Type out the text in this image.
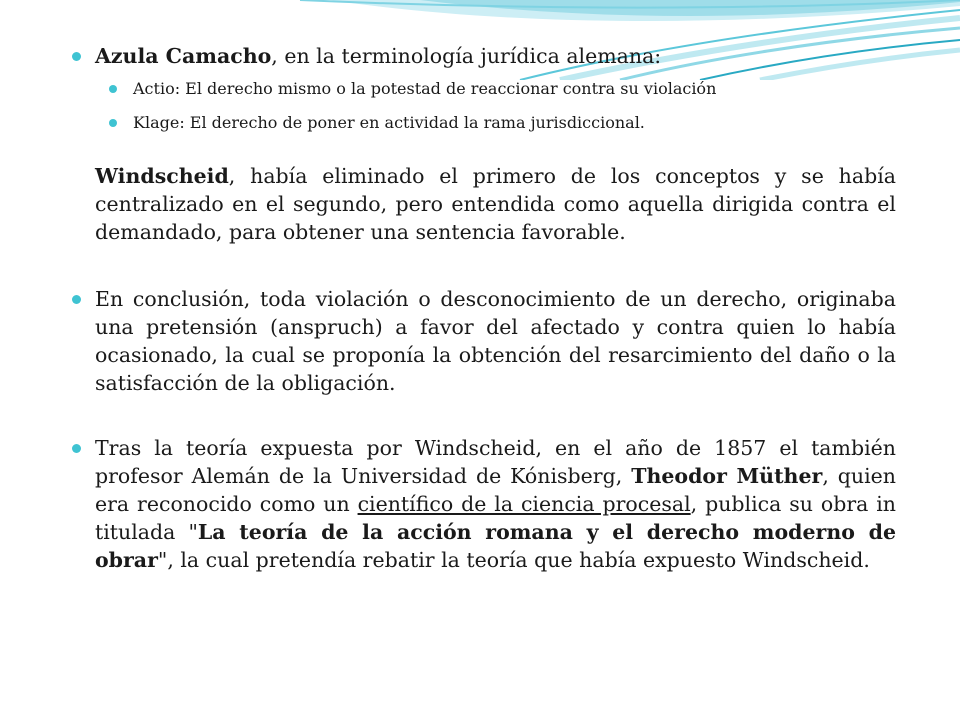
Azula Camacho, en la terminología jurídica alemana:
Actio: El derecho mismo o la potestad de reaccionar contra su violación
Klage: El derecho de poner en actividad la rama jurisdiccional.
Windscheid, había eliminado el primero de los conceptos y se había centralizado en el segundo, pero entendida como aquella dirigida contra el demandado, para obtener una sentencia favorable.
En conclusión, toda violación o desconocimiento de un derecho, originaba una pretensión (anspruch) a favor del afectado y contra quien lo había ocasionado, la cual se proponía la obtención del resarcimiento del daño o la satisfacción de la obligación.
Tras la teoría expuesta por Windscheid, en el año de 1857 el también profesor Alemán de la Universidad de Kónisberg, Theodor Müther, quien era reconocido como un científico de la ciencia procesal, publica su obra in titulada "La teoría de la acción romana y el derecho moderno de obrar", la cual pretendía rebatir la teoría que había expuesto Windscheid.
